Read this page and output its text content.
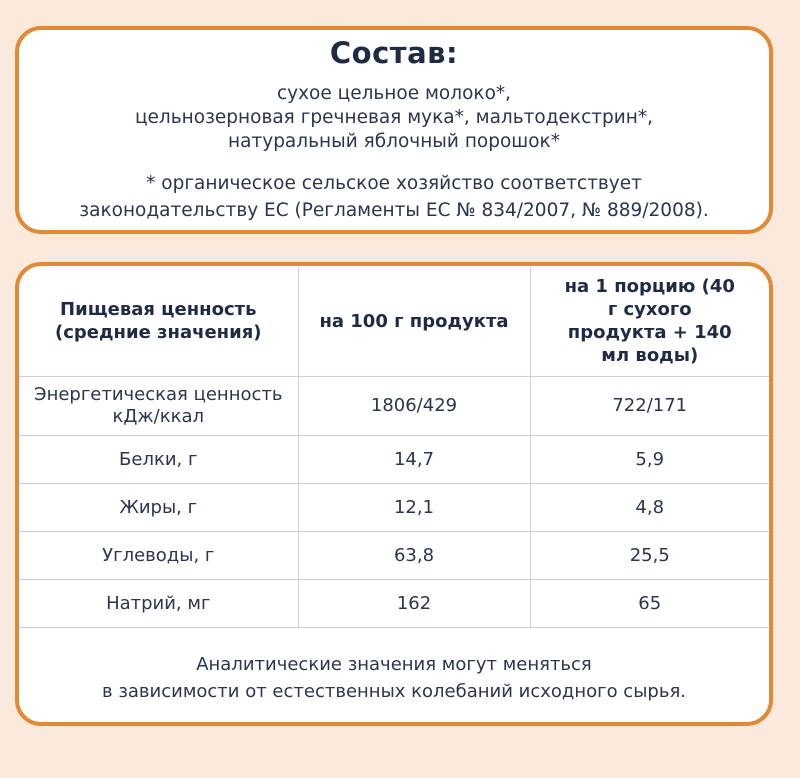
Состав:
сухое цельное молоко*,
цельнозерновая гречневая мука*, мальтодекстрин*,
натуральный яблочный порошок*
* органическое сельское хозяйство соответствует
законодательству ЕС (Регламенты ЕС № 834/2007, № 889/2008).
Пищевая ценность (средние значения)	на 100 г продукта	на 1 порцию (40 г сухого продукта + 140 мл воды)
Энергетическая ценность кДж/ккал	1806/429	722/171
Белки, г	14,7	5,9
Жиры, г	12,1	4,8
Углеводы, г	63,8	25,5
Натрий, мг	162	65
Аналитические значения могут меняться
в зависимости от естественных колебаний исходного сырья.
